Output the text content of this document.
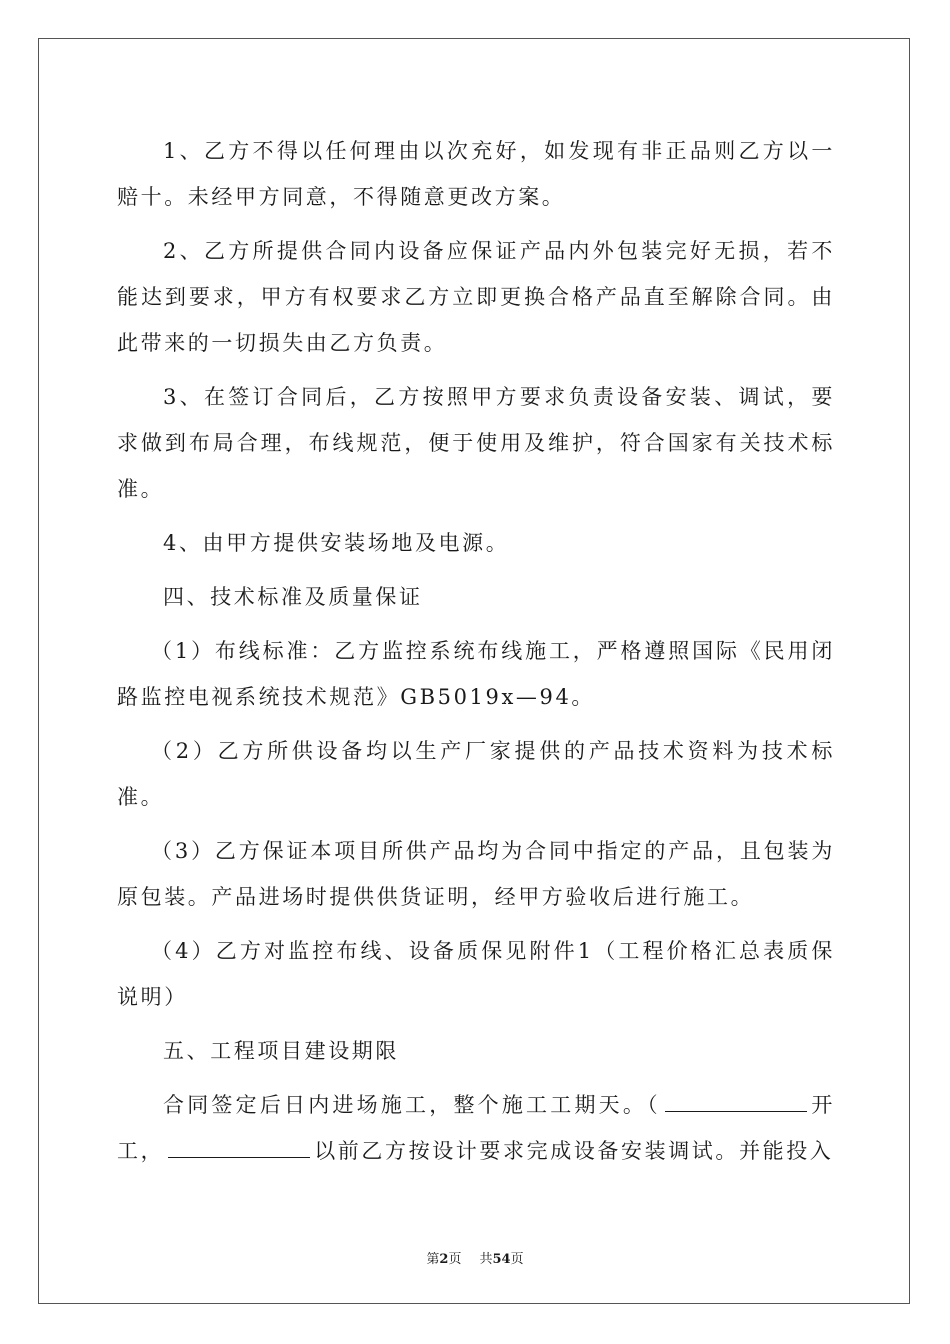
1、乙方不得以任何理由以次充好，如发现有非正品则乙方以一赔十。未经甲方同意，不得随意更改方案。

2、乙方所提供合同内设备应保证产品内外包装完好无损，若不能达到要求，甲方有权要求乙方立即更换合格产品直至解除合同。由此带来的一切损失由乙方负责。

3、在签订合同后，乙方按照甲方要求负责设备安装、调试，要求做到布局合理，布线规范，便于使用及维护，符合国家有关技术标准。

4、由甲方提供安装场地及电源。

四、技术标准及质量保证

（1）布线标准：乙方监控系统布线施工，严格遵照国际《民用闭路监控电视系统技术规范》GB5019x—94。

（2）乙方所供设备均以生产厂家提供的产品技术资料为技术标准。

（3）乙方保证本项目所供产品均为合同中指定的产品，且包装为原包装。产品进场时提供供货证明，经甲方验收后进行施工。

（4）乙方对监控布线、设备质保见附件1（工程价格汇总表质保说明）

五、工程项目建设期限

合同签定后日内进场施工，整个施工工期天。（	开工，	以前乙方按设计要求完成设备安装调试。并能投入

第2页 共54页
